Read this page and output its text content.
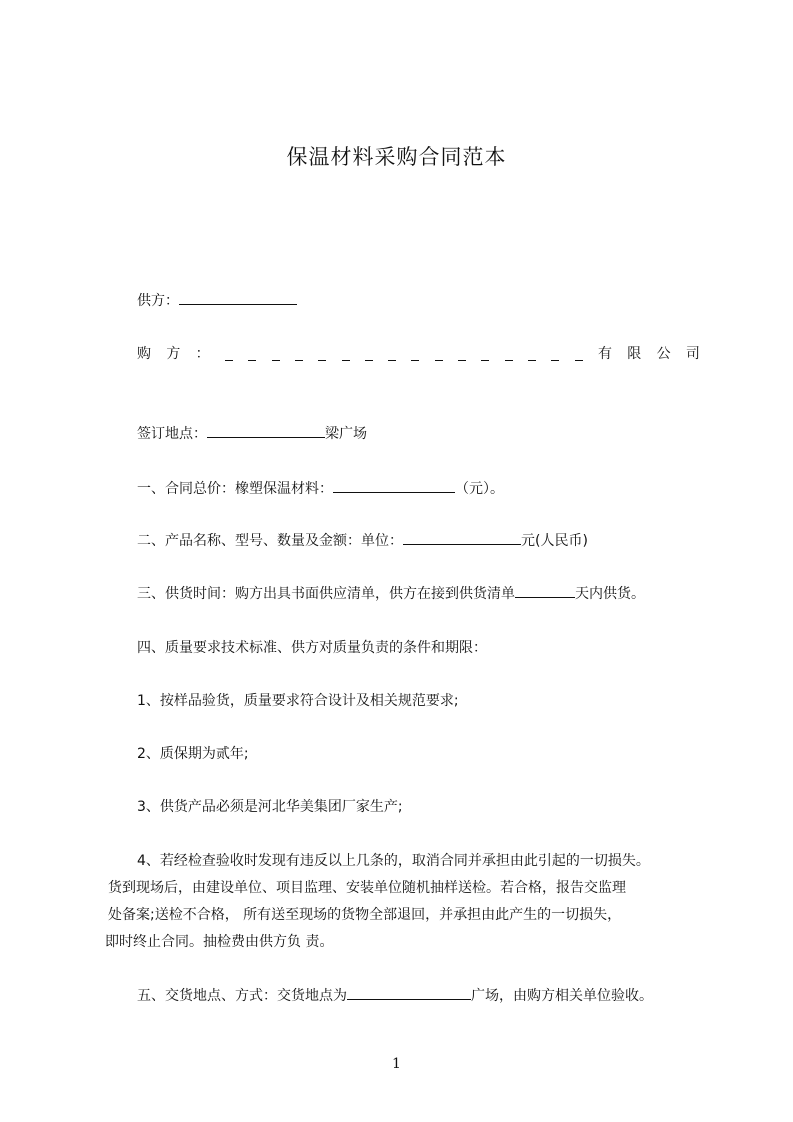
保温材料采购合同范本
供方：
购 方 ：	有 限 公 司
签订地点：	梁广场
一、合同总价：橡塑保温材料：	（元）。
二、产品名称、型号、数量及金额：单位：	元(人民币)
三、供货时间：购方出具书面供应清单，供方在接到供货清单	天内供货。
四、质量要求技术标准、供方对质量负责的条件和期限：
1、按样品验货，质量要求符合设计及相关规范要求;
2、质保期为贰年;
3、供货产品必须是河北华美集团厂家生产;
4、若经检查验收时发现有违反以上几条的，取消合同并承担由此引起的一切损失。
货到现场后，由建设单位、项目监理、安装单位随机抽样送检。若合格，报告交监理
处备案;送检不合格， 所有送至现场的货物全部退回，并承担由此产生的一切损失，
即时终止合同。抽检费由供方负 责。
五、交货地点、方式：交货地点为	广场，由购方相关单位验收。
1
